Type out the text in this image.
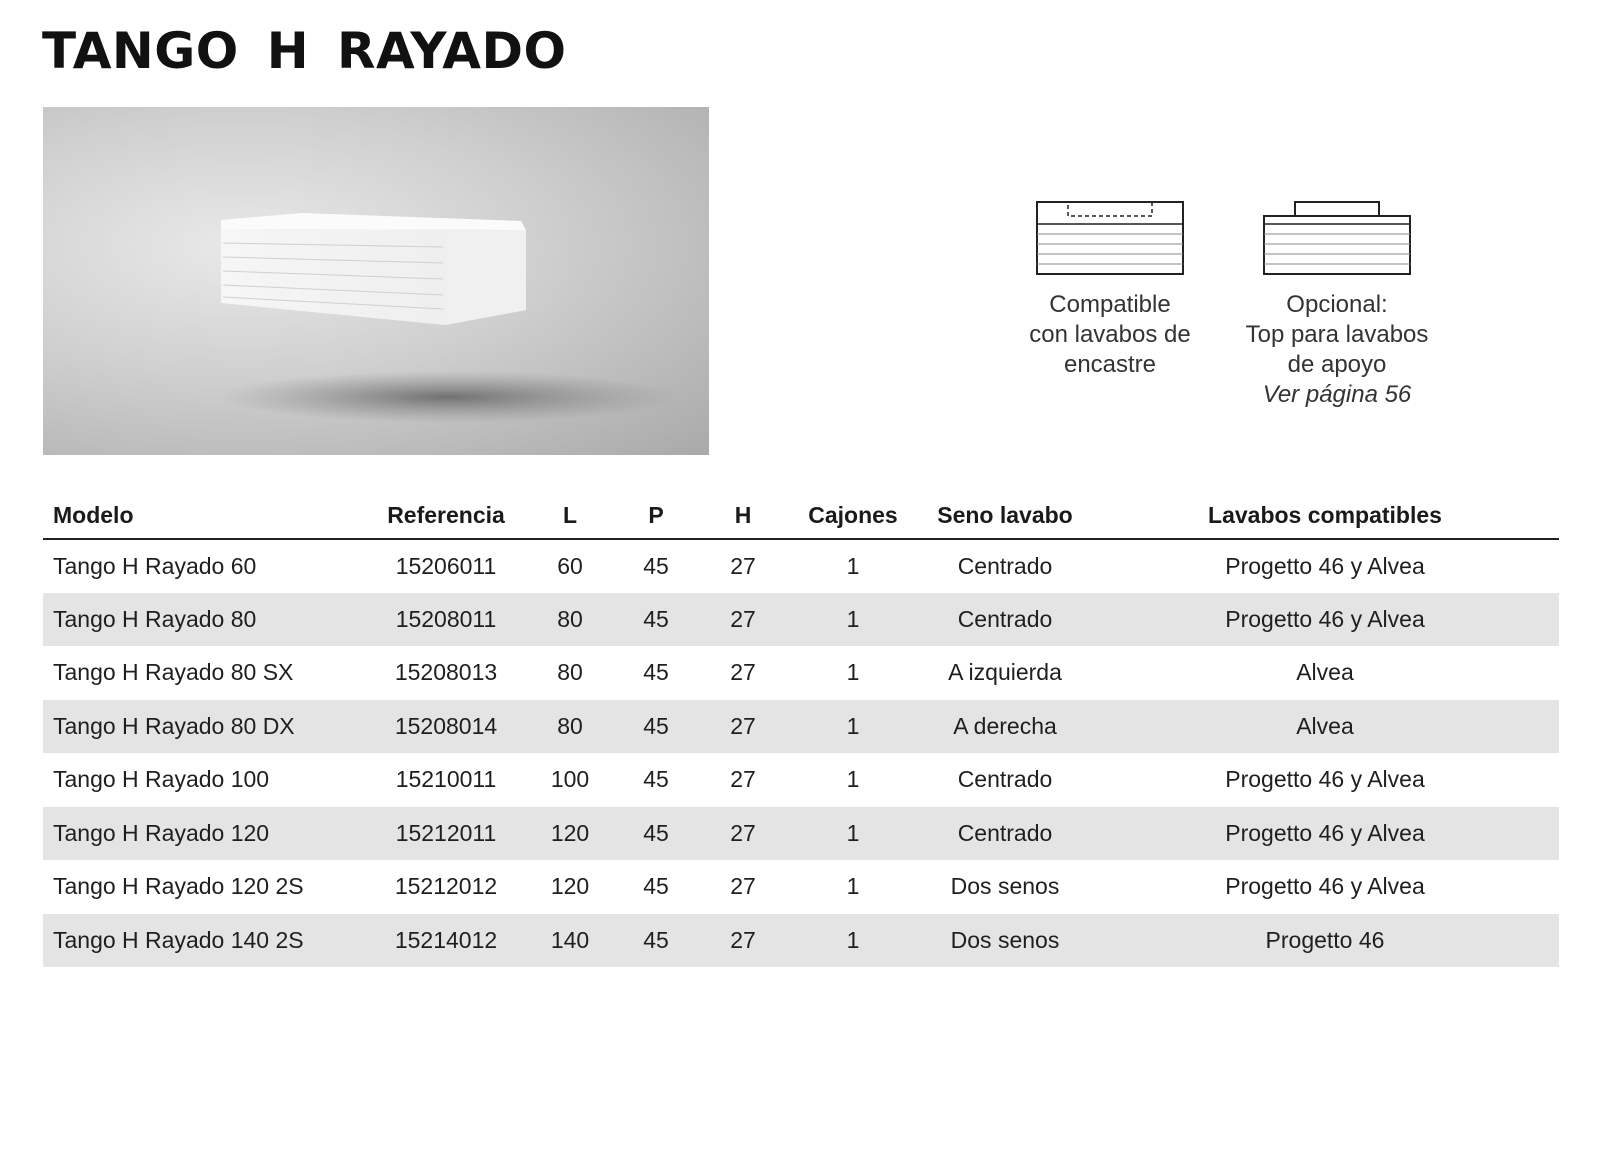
TANGO H RAYADO
Compatible
con lavabos de
encastre
Opcional:
Top para lavabos
de apoyo
Ver página 56
Modelo	Referencia	L	P	H	Cajones	Seno lavabo	Lavabos compatibles
Tango H Rayado 60	15206011	60	45	27	1	Centrado	Progetto 46 y Alvea
Tango H Rayado 80	15208011	80	45	27	1	Centrado	Progetto 46 y Alvea
Tango H Rayado 80 SX	15208013	80	45	27	1	A izquierda	Alvea
Tango H Rayado 80 DX	15208014	80	45	27	1	A derecha	Alvea
Tango H Rayado 100	15210011	100	45	27	1	Centrado	Progetto 46 y Alvea
Tango H Rayado 120	15212011	120	45	27	1	Centrado	Progetto 46 y Alvea
Tango H Rayado 120 2S	15212012	120	45	27	1	Dos senos	Progetto 46 y Alvea
Tango H Rayado 140 2S	15214012	140	45	27	1	Dos senos	Progetto 46
